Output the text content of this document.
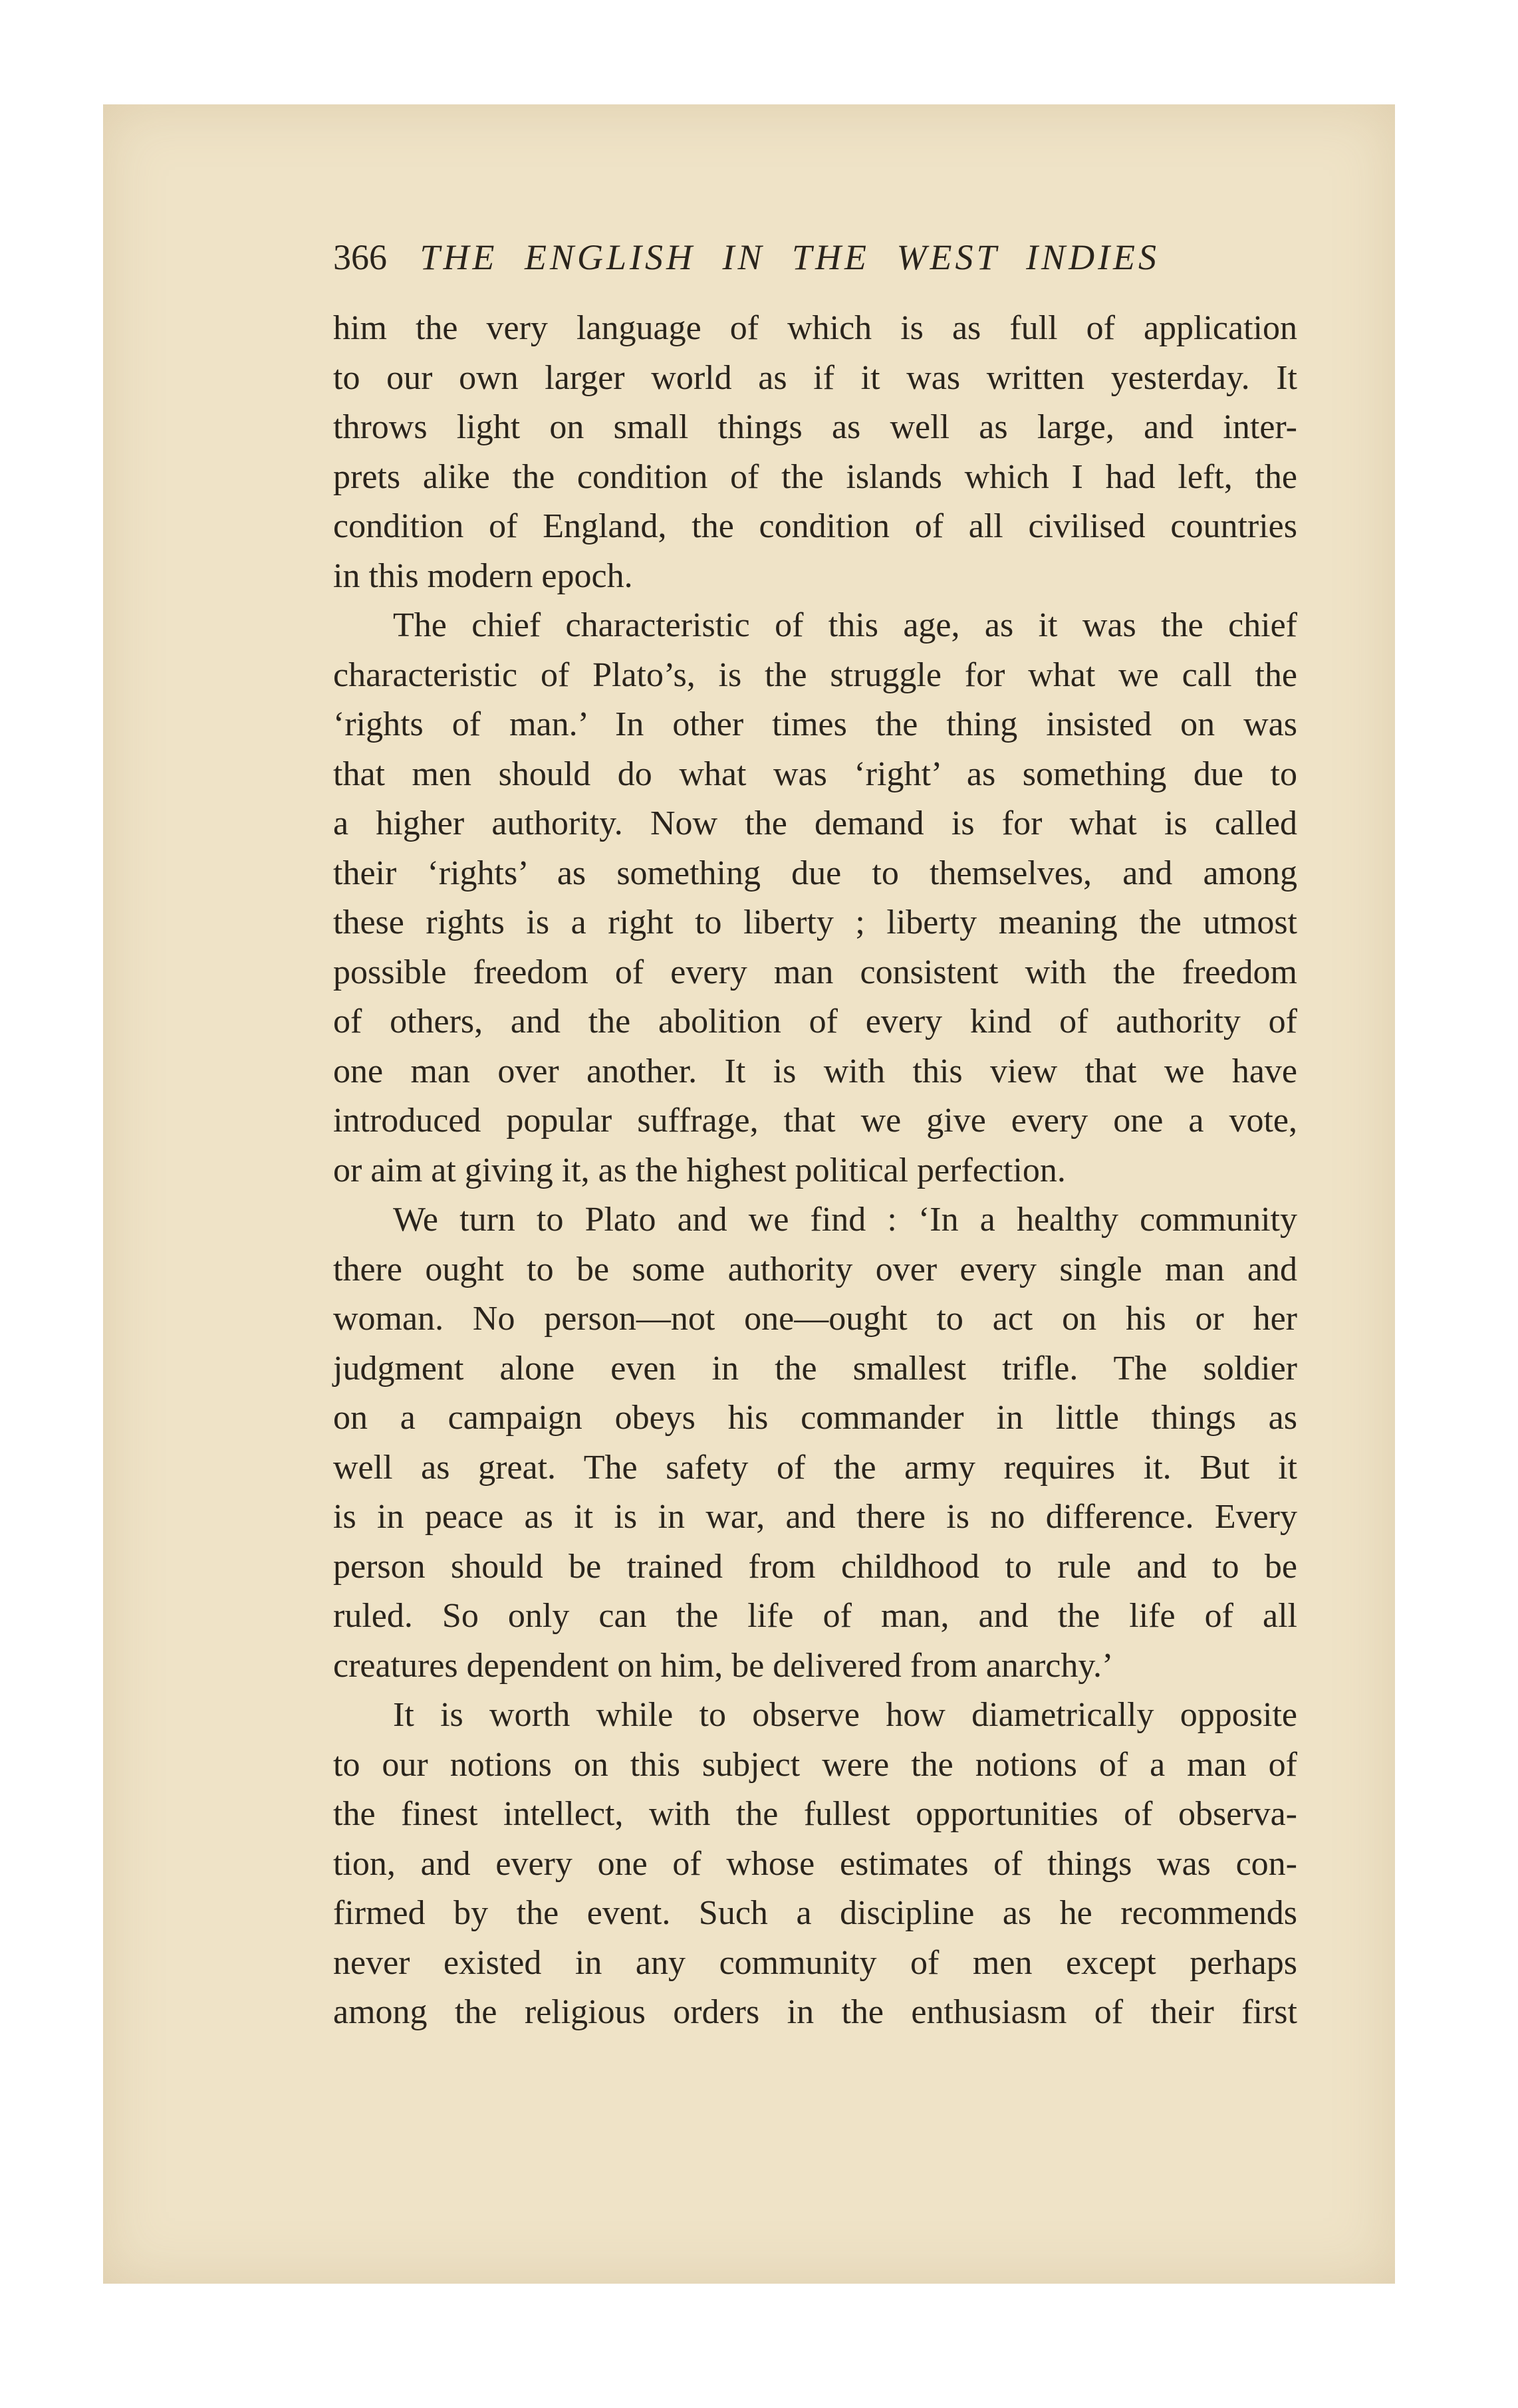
366 THE ENGLISH IN THE WEST INDIES
him the very language of which is as full of application
to our own larger world as if it was written yesterday. It
throws light on small things as well as large, and inter-
prets alike the condition of the islands which I had left, the
condition of England, the condition of all civilised countries
in this modern epoch.
The chief characteristic of this age, as it was the chief
characteristic of Plato’s, is the struggle for what we call the
‘rights of man.’ In other times the thing insisted on was
that men should do what was ‘right’ as something due to
a higher authority. Now the demand is for what is called
their ‘rights’ as something due to themselves, and among
these rights is a right to liberty ; liberty meaning the utmost
possible freedom of every man consistent with the freedom
of others, and the abolition of every kind of authority of
one man over another. It is with this view that we have
introduced popular suffrage, that we give every one a vote,
or aim at giving it, as the highest political perfection.
We turn to Plato and we find : ‘In a healthy community
there ought to be some authority over every single man and
woman. No person—not one—ought to act on his or her
judgment alone even in the smallest trifle. The soldier
on a campaign obeys his commander in little things as
well as great. The safety of the army requires it. But it
is in peace as it is in war, and there is no difference. Every
person should be trained from childhood to rule and to be
ruled. So only can the life of man, and the life of all
creatures dependent on him, be delivered from anarchy.’
It is worth while to observe how diametrically opposite
to our notions on this subject were the notions of a man of
the finest intellect, with the fullest opportunities of observa-
tion, and every one of whose estimates of things was con-
firmed by the event. Such a discipline as he recommends
never existed in any community of men except perhaps
among the religious orders in the enthusiasm of their first
